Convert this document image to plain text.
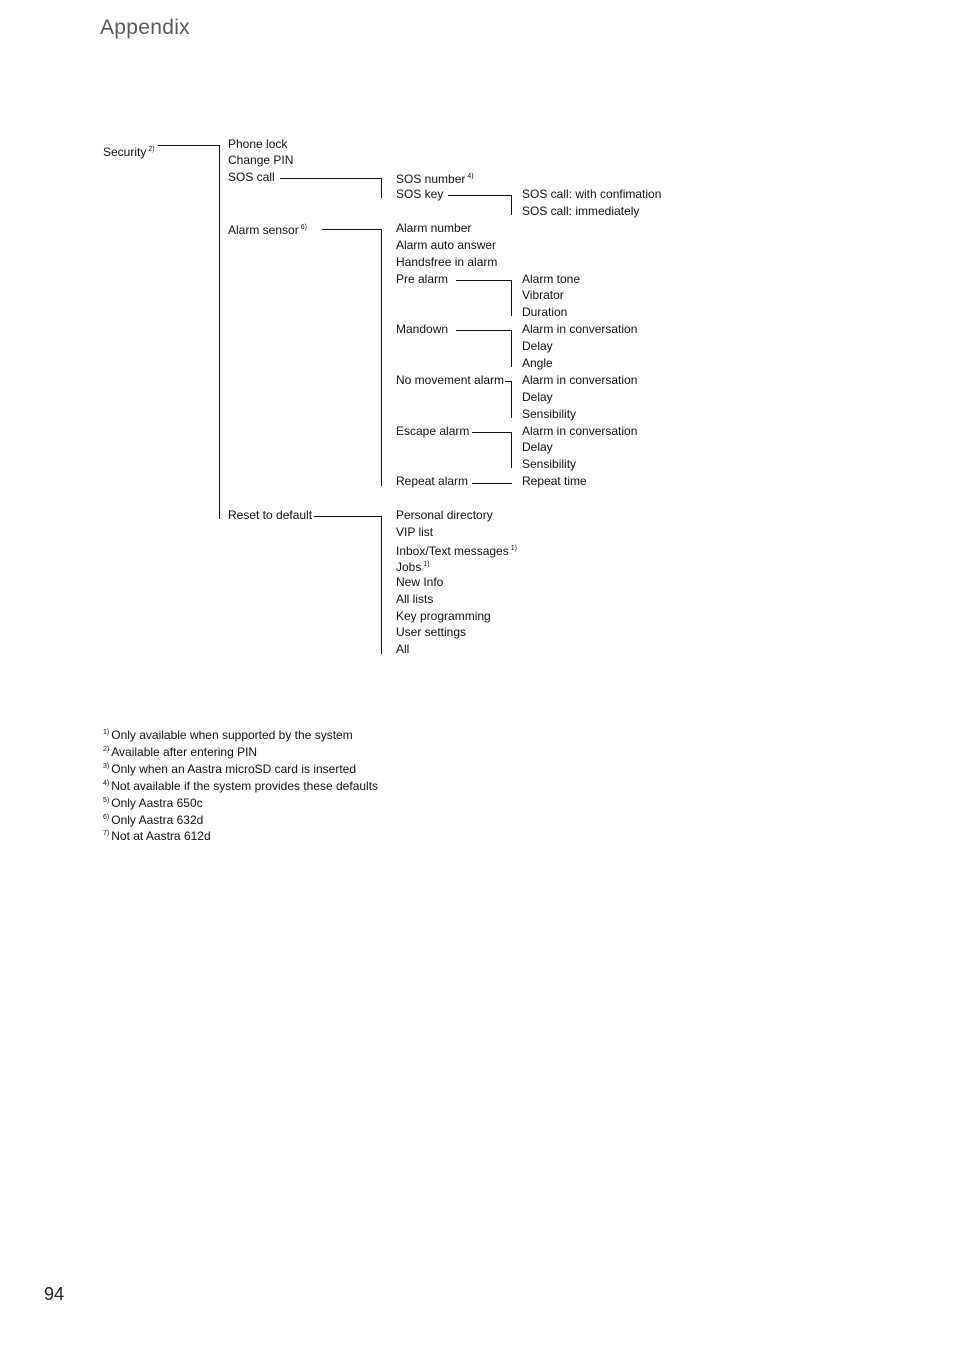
Appendix
Security $^{2)}$	Phone lock
Change PIN
SOS call
Alarm sensor $^{6)}$
Reset to default
SOS number $^{4)}$
SOS key	SOS call: with confimation
SOS call: immediately
Alarm number
Alarm auto answer
Handsfree in alarm
Pre alarm
Mandown
No movement alarm
Escape alarm
Repeat alarm
Alarm tone
Vibrator
Duration
Alarm in conversation
Delay
Angle
Alarm in conversation
Delay
Sensibility
Alarm in conversation
Delay
Sensibility
Repeat time
Personal directory
VIP list
Inbox/Text messages $^{1)}$
Jobs $^{1)}$
New Info
All lists
Key programming
User settings
All
$^{1)}$ Only available when supported by the system
$^{2)}$ Available after entering PIN
$^{3)}$ Only when an Aastra microSD card is inserted
$^{4)}$ Not available if the system provides these defaults
$^{5)}$ Only Aastra 650c
$^{6)}$ Only Aastra 632d
$^{7)}$ Not at Aastra 612d
94
